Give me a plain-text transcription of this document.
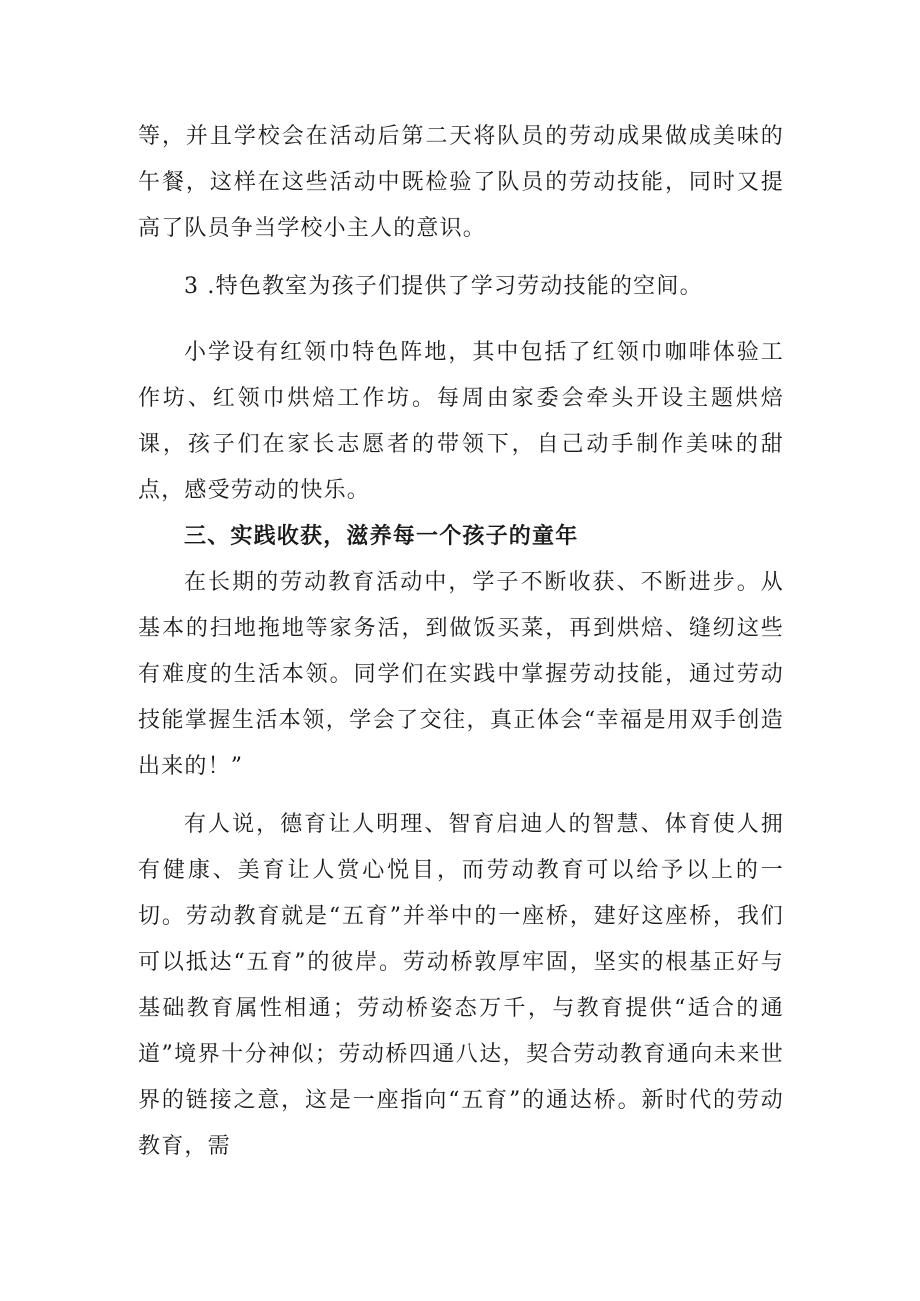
等，并且学校会在活动后第二天将队员的劳动成果做成美味的午餐，这样在这些活动中既检验了队员的劳动技能，同时又提高了队员争当学校小主人的意识。

3 .特色教室为孩子们提供了学习劳动技能的空间。

小学设有红领巾特色阵地，其中包括了红领巾咖啡体验工作坊、红领巾烘焙工作坊。每周由家委会牵头开设主题烘焙课，孩子们在家长志愿者的带领下，自己动手制作美味的甜点，感受劳动的快乐。

三、实践收获，滋养每一个孩子的童年

在长期的劳动教育活动中，学子不断收获、不断进步。从基本的扫地拖地等家务活，到做饭买菜，再到烘焙、缝纫这些有难度的生活本领。同学们在实践中掌握劳动技能，通过劳动技能掌握生活本领，学会了交往，真正体会“幸福是用双手创造出来的！”

有人说，德育让人明理、智育启迪人的智慧、体育使人拥有健康、美育让人赏心悦目，而劳动教育可以给予以上的一切。劳动教育就是“五育”并举中的一座桥，建好这座桥，我们可以抵达“五育”的彼岸。劳动桥敦厚牢固，坚实的根基正好与基础教育属性相通；劳动桥姿态万千，与教育提供“适合的通道”境界十分神似；劳动桥四通八达，契合劳动教育通向未来世界的链接之意，这是一座指向“五育”的通达桥。新时代的劳动教育，需
